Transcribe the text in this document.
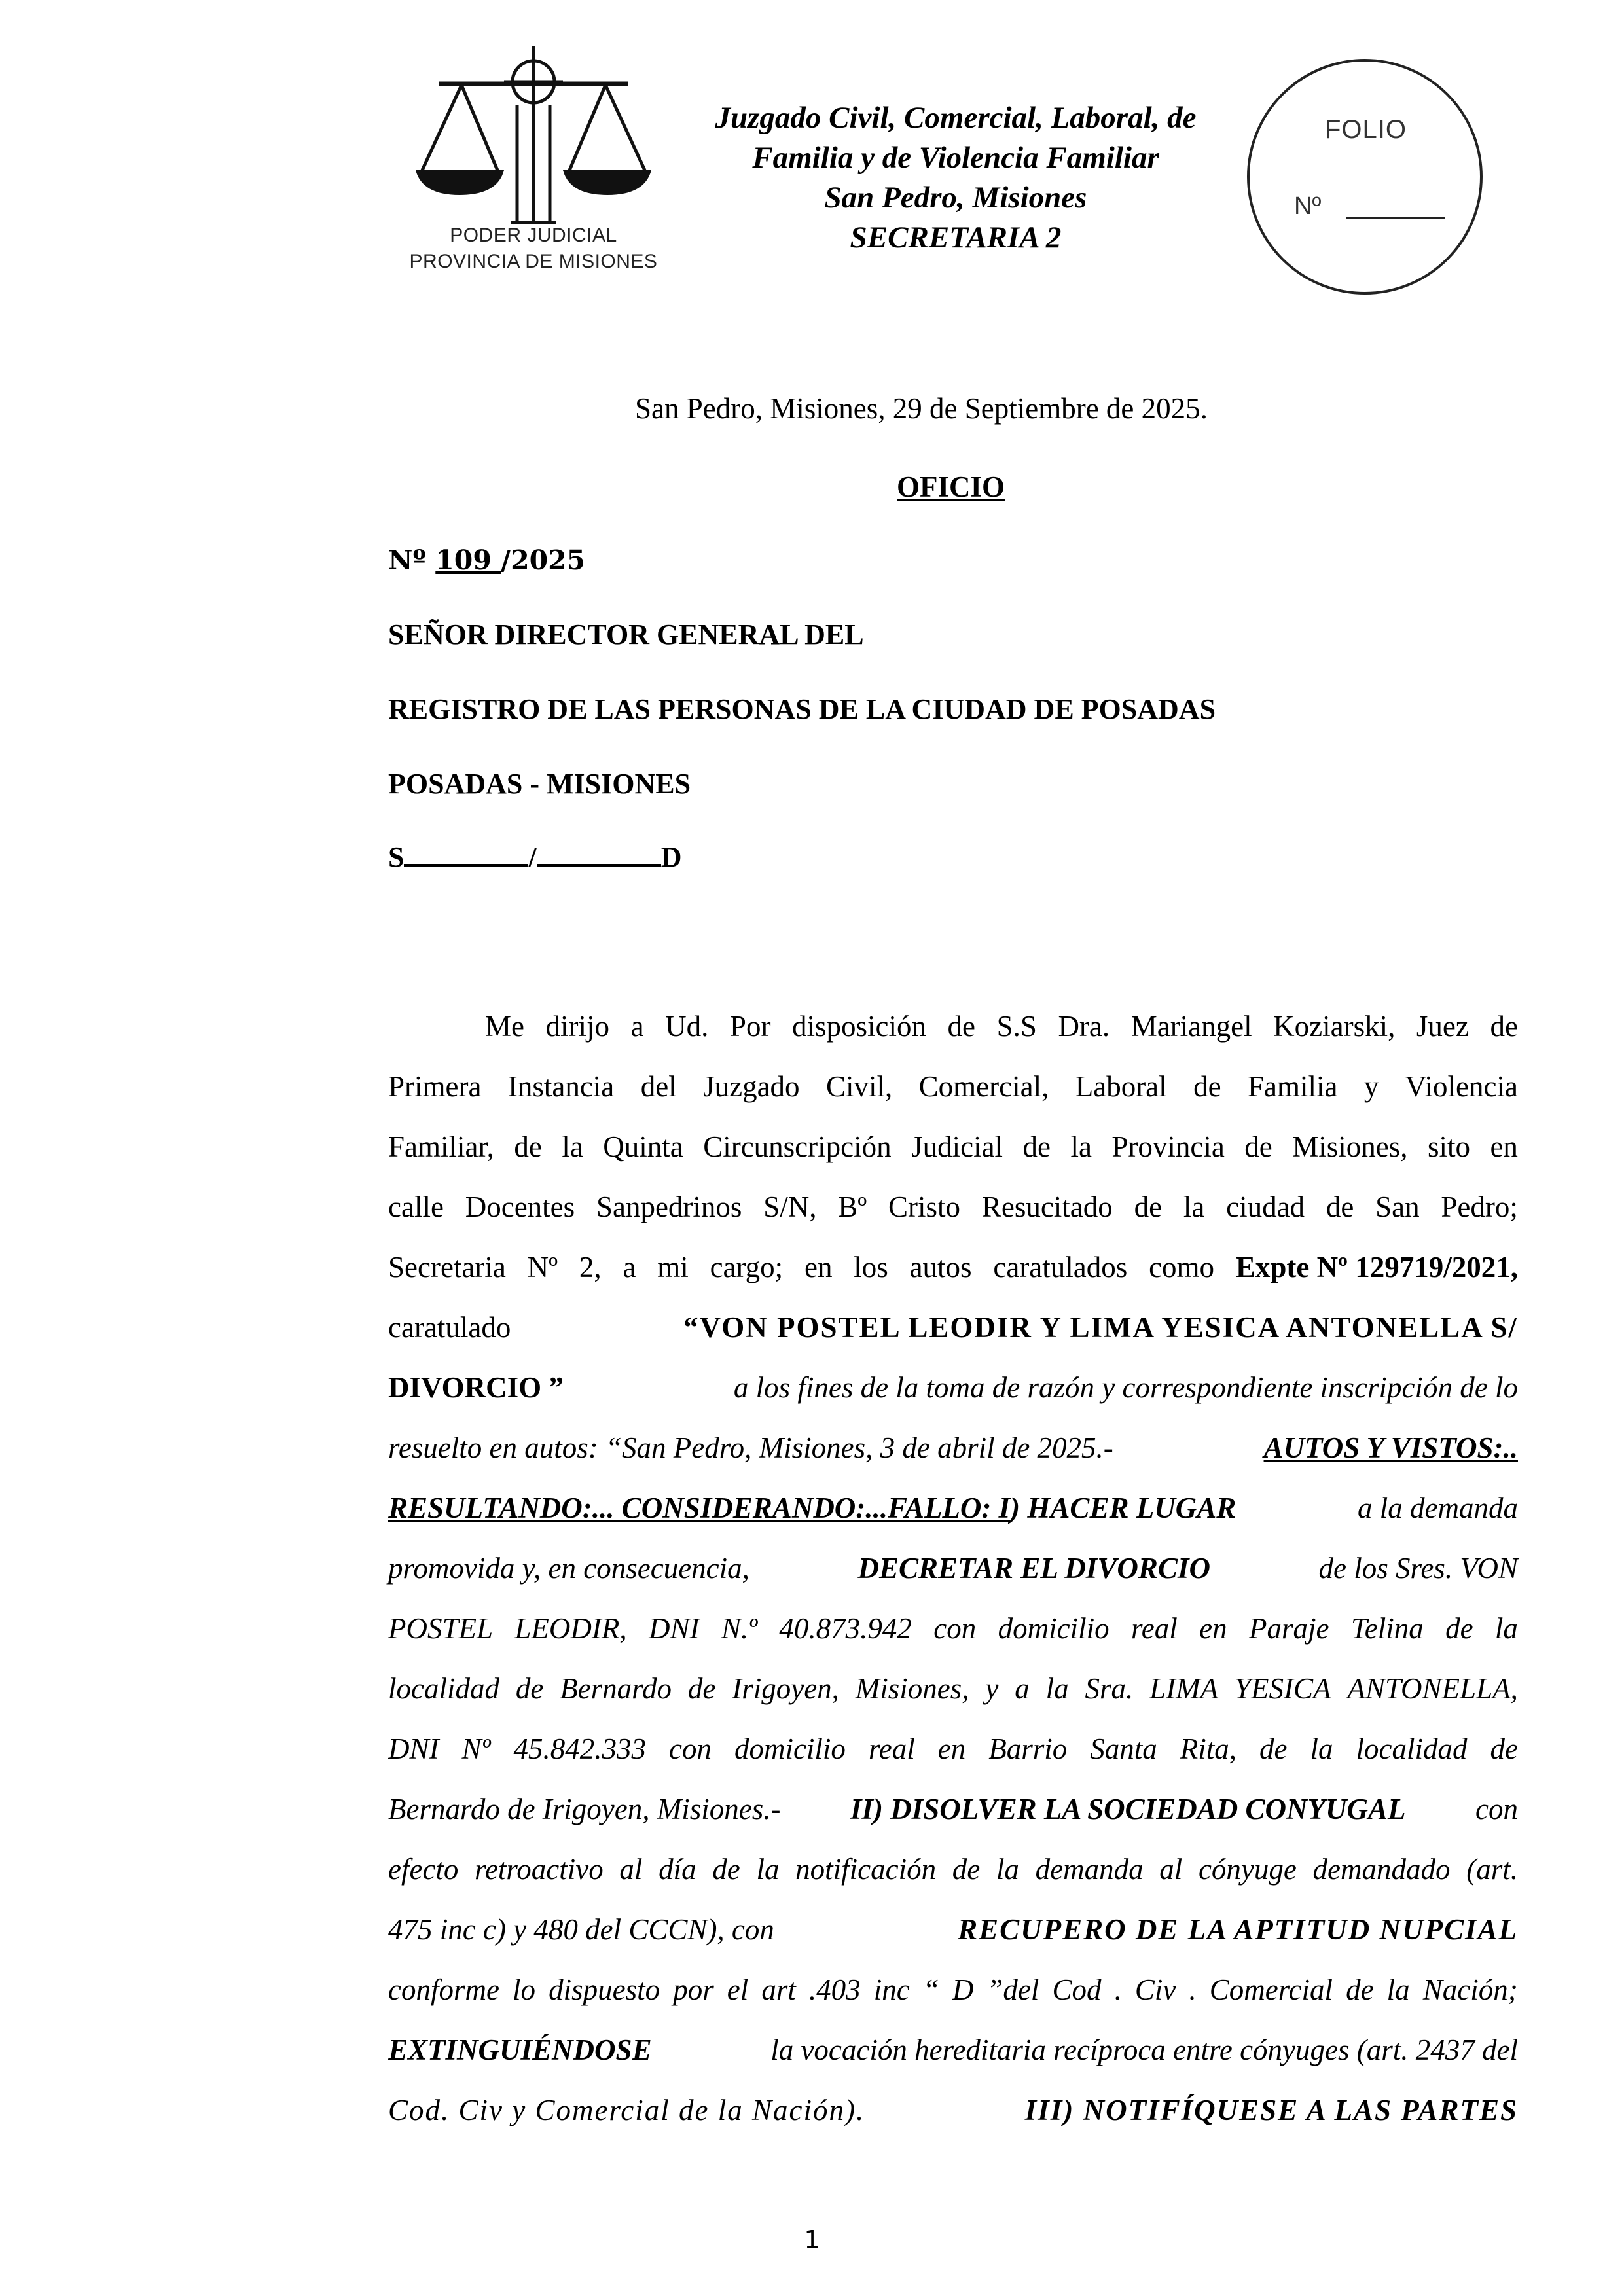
PODER JUDICIAL
PROVINCIA DE MISIONES
Juzgado Civil, Comercial, Laboral, de
Familia y de Violencia Familiar
San Pedro, Misiones
SECRETARIA 2
FOLIO
Nº
San Pedro, Misiones, 29 de Septiembre de 2025.
OFICIO
Nº 109 /2025
SEÑOR DIRECTOR GENERAL DEL
REGISTRO DE LAS PERSONAS DE LA CIUDAD DE POSADAS
POSADAS - MISIONES
S	/	D
Me dirijo a Ud. Por disposición de S.S Dra. Mariangel Koziarski, Juez de
Primera Instancia del Juzgado Civil, Comercial, Laboral de Familia y Violencia
Familiar, de la Quinta Circunscripción Judicial de la Provincia de Misiones, sito en
calle Docentes Sanpedrinos S/N, Bº Cristo Resucitado de la ciudad de San Pedro;
Secretaria Nº 2, a mi cargo; en los autos caratulados como Expte Nº 129719/2021,
caratulado	“VON POSTEL LEODIR Y LIMA YESICA ANTONELLA S/
DIVORCIO ”	a los fines de la toma de razón y correspondiente inscripción de lo
resuelto en autos: “San Pedro, Misiones, 3 de abril de 2025.-	AUTOS Y VISTOS:..
RESULTANDO:... CONSIDERANDO:...FALLO: I) HACER LUGAR	a la demanda
promovida y, en consecuencia,	DECRETAR EL DIVORCIO	de los Sres. VON
POSTEL LEODIR, DNI N.º 40.873.942 con domicilio real en Paraje Telina de la
localidad de Bernardo de Irigoyen, Misiones, y a la Sra. LIMA YESICA ANTONELLA,
DNI Nº 45.842.333 con domicilio real en Barrio Santa Rita, de la localidad de
Bernardo de Irigoyen, Misiones.- II) DISOLVER LA SOCIEDAD CONYUGAL con
efecto retroactivo al día de la notificación de la demanda al cónyuge demandado (art.
475 inc c) y 480 del CCCN), con	RECUPERO DE LA APTITUD NUPCIAL
conforme lo dispuesto por el art .403 inc “ D ”del Cod . Civ . Comercial de la Nación;
EXTINGUIÉNDOSE	la vocación hereditaria recíproca entre cónyuges (art. 2437 del
Cod. Civ y Comercial de la Nación).	III) NOTIFÍQUESE A LAS PARTES
1
